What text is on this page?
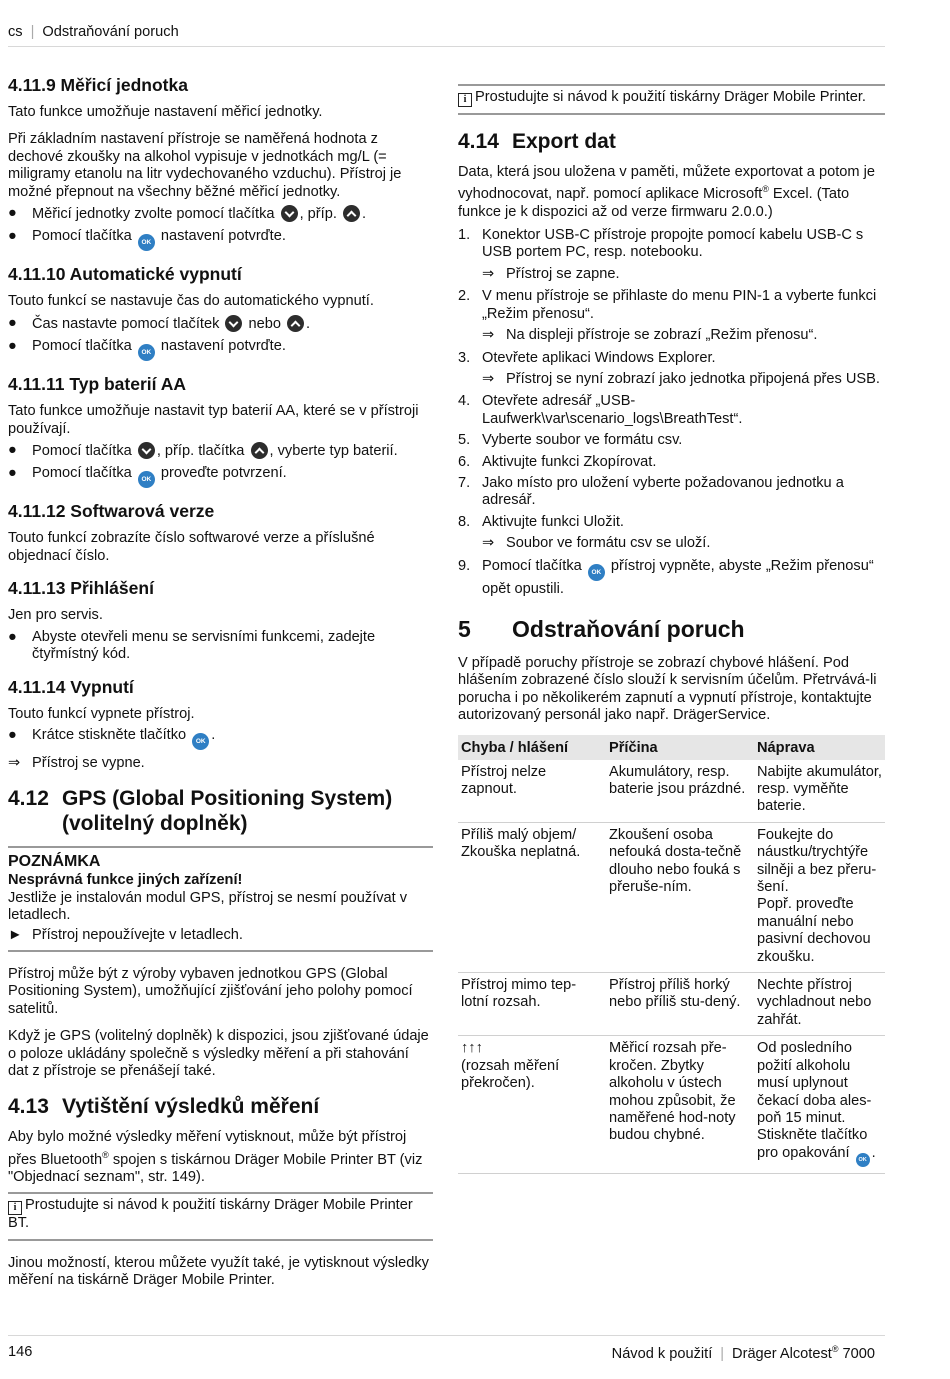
cs | Odstraňování poruch
4.11.9 Měřicí jednotka

Tato funkce umožňuje nastavení měřicí jednotky.

Při základním nastavení přístroje se naměřená hodnota z dechové zkoušky na alkohol vypisuje v jednotkách mg/L (= miligramy etanolu na litr vydechovaného vzduchu). Přístroj je možné přepnout na všechny běžné měřicí jednotky.

●	Měřicí jednotky zvolte pomocí tlačítka , příp. .
●	Pomocí tlačítka OK nastavení potvrďte.
4.11.10 Automatické vypnutí

Touto funkcí se nastavuje čas do automatického vypnutí.

●	Čas nastavte pomocí tlačítek nebo .
●	Pomocí tlačítka OK nastavení potvrďte.
4.11.11 Typ baterií AA

Tato funkce umožňuje nastavit typ baterií AA, které se v přístroji používají.

●	Pomocí tlačítka , příp. tlačítka , vyberte typ baterií.
●	Pomocí tlačítka OK proveďte potvrzení.
4.11.12 Softwarová verze

Touto funkcí zobrazíte číslo softwarové verze a příslušné objednací číslo.

4.11.13 Přihlášení

Jen pro servis.

●	Abyste otevřeli menu se servisními funkcemi, zadejte čtyřmístný kód.
4.11.14 Vypnutí

Touto funkcí vypnete přístroj.

●	Krátce stiskněte tlačítko OK .
⇒ Přístroj se vypne.
4.12 GPS (Global Positioning System) (volitelný doplněk)
POZNÁMKA
Nesprávná funkce jiných zařízení!
Jestliže je instalován modul GPS, přístroj se nesmí používat v letadlech.
► Přístroj nepoužívejte v letadlech.

Přístroj může být z výroby vybaven jednotkou GPS (Global Positioning System), umožňující zjišťování jeho polohy pomocí satelitů.

Když je GPS (volitelný doplněk) k dispozici, jsou zjišťované údaje o poloze ukládány společně s výsledky měření a při stahování dat z přístroje se přenášejí také.

4.13 Vytištění výsledků měření

Aby bylo možné výsledky měření vytisknout, může být přístroj přes Bluetooth® spojen s tiskárnou Dräger Mobile Printer BT (viz "Objednací seznam", str. 149).

i Prostudujte si návod k použití tiskárny Dräger Mobile Printer BT.

Jinou možností, kterou můžete využít také, je vytisknout výsledky měření na tiskárně Dräger Mobile Printer.

i Prostudujte si návod k použití tiskárny Dräger Mobile Printer.
4.14 Export dat

Data, která jsou uložena v paměti, můžete exportovat a potom je vyhodnocovat, např. pomocí aplikace Microsoft® Excel. (Tato funkce je k dispozici až od verze firmwaru 2.0.0.)

1. Konektor USB-C přístroje propojte pomocí kabelu USB-C s USB portem PC, resp. notebooku.
⇒ Přístroj se zapne.
2. V menu přístroje se přihlaste do menu PIN-1 a vyberte funkci „Režim přenosu“.
⇒ Na displeji přístroje se zobrazí „Režim přenosu“.
3. Otevřete aplikaci Windows Explorer.
⇒ Přístroj se nyní zobrazí jako jednotka připojená přes USB.
4. Otevřete adresář „USB-Laufwerk\var\scenario_logs\BreathTest“.
5. Vyberte soubor ve formátu csv.
6. Aktivujte funkci Zkopírovat.
7. Jako místo pro uložení vyberte požadovanou jednotku a adresář.
8. Aktivujte funkci Uložit.
⇒ Soubor ve formátu csv se uloží.
9. Pomocí tlačítka OK přístroj vypněte, abyste „Režim přenosu“ opět opustili.
5	Odstraňování poruch

V případě poruchy přístroje se zobrazí chybové hlášení. Pod hlášením zobrazené číslo slouží k servisním účelům. Přetrvává-li porucha i po několikerém zapnutí a vypnutí přístroje, kontaktujte autorizovaný personál jako např. DrägerService.

Chyba / hlášení	Příčina	Náprava
Přístroj nelze zapnout.	Akumulátory, resp. baterie jsou prázdné.	Nabijte akumulátor, resp. vyměňte baterie.
Příliš malý objem/ Zkouška neplatná.	Zkoušení osoba nefouká dosta-tečně dlouho nebo fouká s přeruše-ním.	Foukejte do náustku/trychtýře silněji a bez přeru-šení.
Popř. proveďte manuální nebo pasivní dechovou zkoušku.
Přístroj mimo tep-lotní rozsah.	Přístroj příliš horký nebo příliš stu-dený.	Nechte přístroj vychladnout nebo zahřát.
↑↑↑
(rozsah měření překročen).	Měřicí rozsah pře-kročen. Zbytky alkoholu v ústech mohou způsobit, že naměřené hod-noty budou chybné.	Od posledního požití alkoholu musí uplynout čekací doba ales-poň 15 minut. Stiskněte tlačítko pro opakování OK .
146	Návod k použití | Dräger Alcotest® 7000
